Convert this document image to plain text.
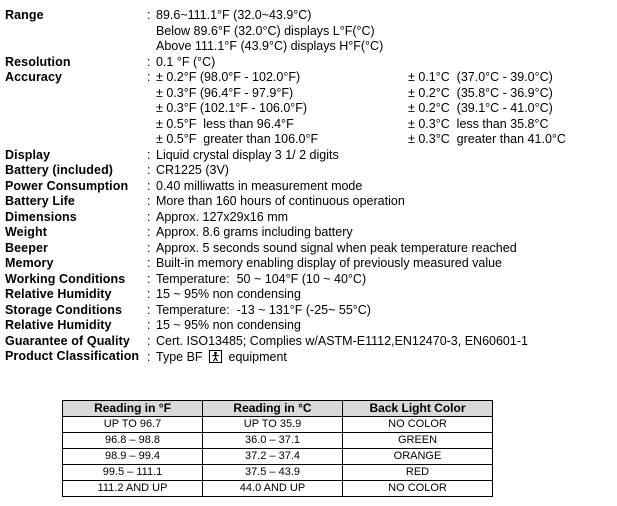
Range	: 89.6~111.1°F (32.0~43.9°C)
Below 89.6°F (32.0°C) displays L°F(°C)
Above 111.1°F (43.9°C) displays H°F(°C)
Resolution	: 0.1 °F (°C)
Accuracy	: ± 0.2°F (98.0°F - 102.0°F)	± 0.1°C  (37.0°C - 39.0°C)
± 0.3°F (96.4°F - 97.9°F)	± 0.2°C  (35.8°C - 36.9°C)
± 0.3°F (102.1°F - 106.0°F)	± 0.2°C  (39.1°C - 41.0°C)
± 0.5°F  less than 96.4°F	± 0.3°C  less than 35.8°C
± 0.5°F  greater than 106.0°F	± 0.3°C  greater than 41.0°C
Display	: Liquid crystal display 3 1/ 2 digits
Battery (included)	: CR1225 (3V)
Power Consumption	: 0.40 milliwatts in measurement mode
Battery Life	: More than 160 hours of continuous operation
Dimensions	: Approx. 127x29x16 mm
Weight	: Approx. 8.6 grams including battery
Beeper	: Approx. 5 seconds sound signal when peak temperature reached
Memory	: Built-in memory enabling display of previously measured value
Working Conditions	: Temperature:  50 ~ 104°F (10 ~ 40°C)
Relative Humidity	: 15 ~ 95% non condensing
Storage Conditions	: Temperature:  -13 ~ 131°F (-25~ 55°C)
Relative Humidity	: 15 ~ 95% non condensing
Guarantee of Quality	: Cert. ISO13485; Complies w/ASTM-E1112,EN12470-3, EN60601-1
Product Classification : Type BF equipment
Reading in °F	Reading in °C	Back Light Color
UP TO 96.7	UP TO 35.9	NO COLOR
96.8 – 98.8	36.0 – 37.1	GREEN
98.9 – 99.4	37.2 – 37.4	ORANGE
99.5 – 111.1	37.5 – 43.9	RED
111.2 AND UP	44.0 AND UP	NO COLOR
